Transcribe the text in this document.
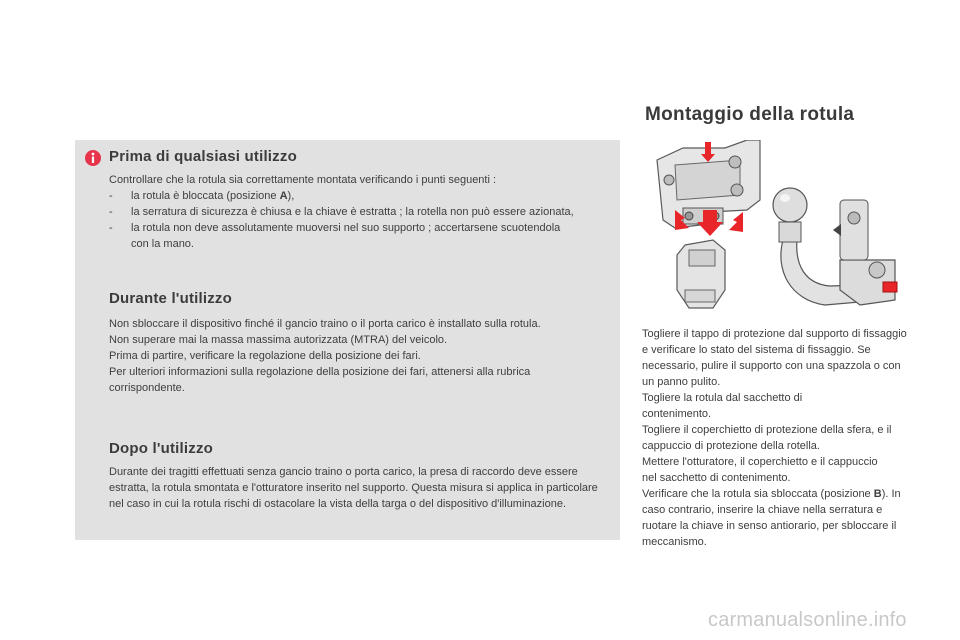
Prima di qualsiasi utilizzo

Controllare che la rotula sia correttamente montata verificando i punti seguenti :

- la rotula è bloccata (posizione A),
- la serratura di sicurezza è chiusa e la chiave è estratta ; la rotella non può essere azionata,
- la rotula non deve assolutamente muoversi nel suo supporto ; accertarsene scuotendola con la mano.
Durante l'utilizzo

Non sbloccare il dispositivo finché il gancio traino o il porta carico è installato sulla rotula.

Non superare mai la massa massima autorizzata (MTRA) del veicolo.

Prima di partire, verificare la regolazione della posizione dei fari.

Per ulteriori informazioni sulla regolazione della posizione dei fari, attenersi alla rubrica corrispondente.

Dopo l'utilizzo

Durante dei tragitti effettuati senza gancio traino o porta carico, la presa di raccordo deve essere estratta, la rotula smontata e l'otturatore inserito nel supporto. Questa misura si applica in particolare nel caso in cui la rotula rischi di ostacolare la vista della targa o del dispositivo d'illuminazione.

Montaggio della rotula

Togliere il tappo di protezione dal supporto di fissaggio e verificare lo stato del sistema di fissaggio. Se necessario, pulire il supporto con una spazzola o con un panno pulito.

Togliere la rotula dal sacchetto di contenimento.

Togliere il coperchietto di protezione della sfera, e il cappuccio di protezione della rotella.

Mettere l'otturatore, il coperchietto e il cappuccio nel sacchetto di contenimento.

Verificare che la rotula sia sbloccata (posizione B). In caso contrario, inserire la chiave nella serratura e ruotare la chiave in senso antiorario, per sbloccare il meccanismo.

carmanualsonline.info
